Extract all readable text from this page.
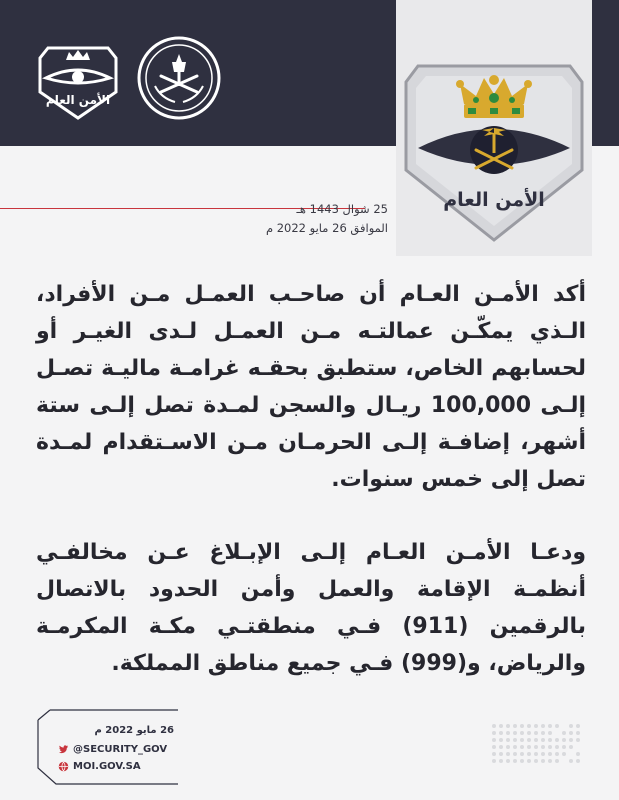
الأمن العام
الأمن العام
25 شوال 1443 هـ
الموافق 26 مايو 2022 م

أكد الأمـن العـام أن صاحـب العمـل مـن الأفراد، الـذي يمكّـن عمالتـه مـن العمـل لـدى الغيـر أو لحسابهم الخاص، ستطبق بحقـه غرامـة ماليـة تصـل إلـى 100,000 ريـال والسجن لمـدة تصل إلـى ستة أشهر، إضافـة إلـى الحرمـان مـن الاسـتقدام لمـدة تصل إلى خمس سنوات.

ودعـا الأمـن العـام إلـى الإبـلاغ عـن مخالفـي أنظمـة الإقامة والعمل وأمن الحدود بالاتصال بالرقمين (911) فـي منطقتـي مكـة المكرمـة والرياض، و(999) فـي جميع مناطق المملكة.

26 مايو 2022 م
@SECURITY_GOV
MOI.GOV.SA
